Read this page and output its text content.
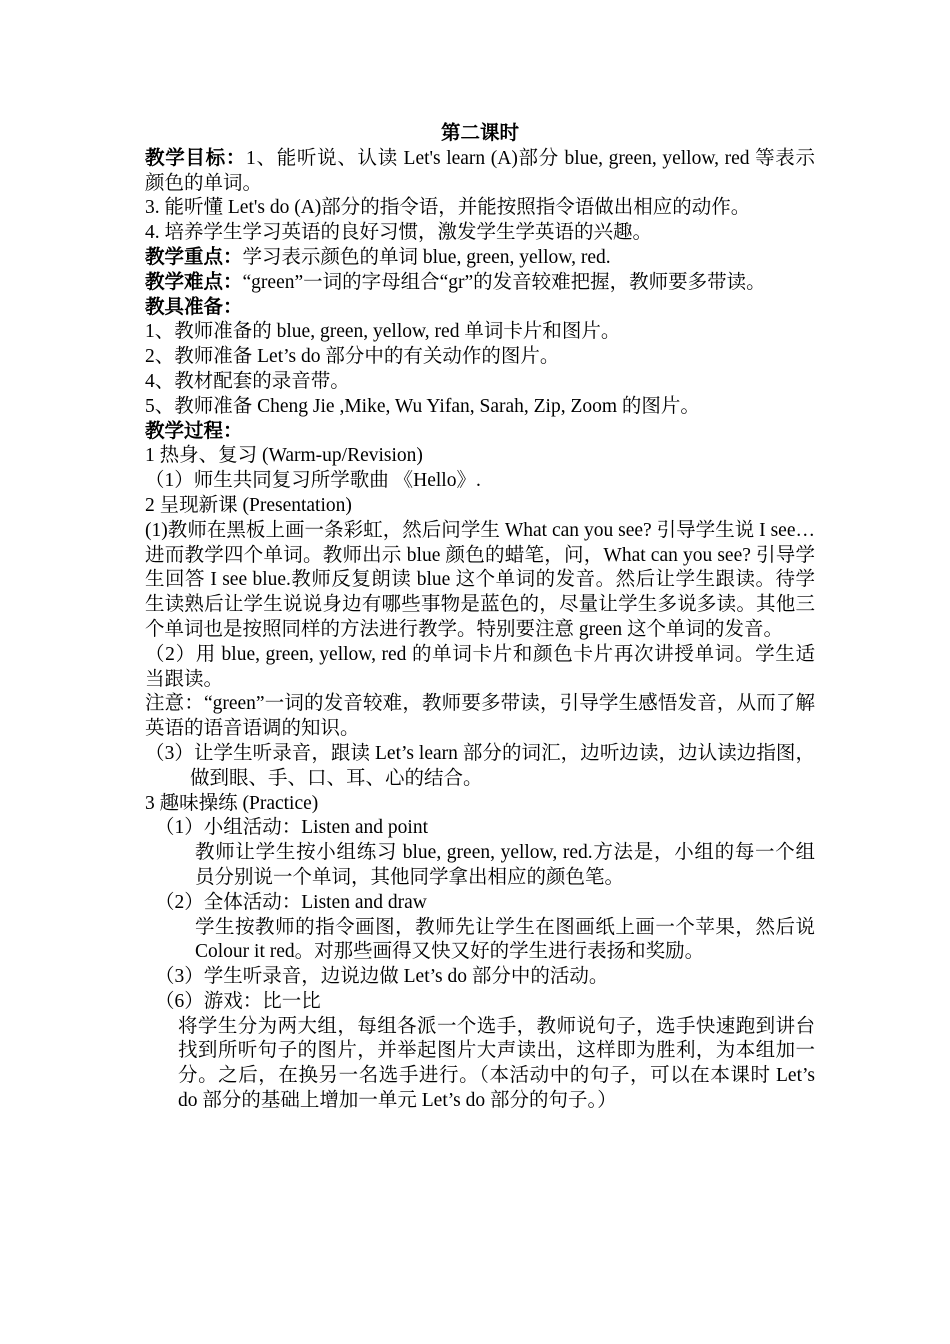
第二课时

教学目标：1、能听说、认读 Let's learn (A)部分 blue, green, yellow, red 等表示颜色的单词。

3. 能听懂 Let's do (A)部分的指令语，并能按照指令语做出相应的动作。

4. 培养学生学习英语的良好习惯，激发学生学英语的兴趣。

教学重点：学习表示颜色的单词 blue, green, yellow, red.

教学难点：“green”一词的字母组合“gr”的发音较难把握，教师要多带读。

教具准备：

1、教师准备的 blue, green, yellow, red 单词卡片和图片。

2、教师准备 Let’s do 部分中的有关动作的图片。

4、教材配套的录音带。

5、教师准备 Cheng Jie ,Mike, Wu Yifan, Sarah, Zip, Zoom 的图片。

教学过程：

1 热身、复习 (Warm-up/Revision)

（1）师生共同复习所学歌曲 《Hello》.

2 呈现新课 (Presentation)

(1)教师在黑板上画一条彩虹，然后问学生 What can you see? 引导学生说 I see…进而教学四个单词。教师出示 blue 颜色的蜡笔，问，What can you see? 引导学生回答 I see blue.教师反复朗读 blue 这个单词的发音。然后让学生跟读。待学生读熟后让学生说说身边有哪些事物是蓝色的，尽量让学生多说多读。其他三个单词也是按照同样的方法进行教学。特别要注意 green 这个单词的发音。

（2）用 blue, green, yellow, red 的单词卡片和颜色卡片再次讲授单词。学生适当跟读。

注意：“green”一词的发音较难，教师要多带读，引导学生感悟发音，从而了解英语的语音语调的知识。

（3）让学生听录音，跟读 Let’s learn 部分的词汇，边听边读，边认读边指图，做到眼、手、口、耳、心的结合。

3 趣味操练 (Practice)

（1）小组活动：Listen and point

教师让学生按小组练习 blue, green, yellow, red.方法是，小组的每一个组员分别说一个单词，其他同学拿出相应的颜色笔。

（2）全体活动：Listen and draw

学生按教师的指令画图，教师先让学生在图画纸上画一个苹果，然后说 Colour it red。对那些画得又快又好的学生进行表扬和奖励。

（3）学生听录音，边说边做 Let’s do 部分中的活动。

（6）游戏：比一比

将学生分为两大组，每组各派一个选手，教师说句子，选手快速跑到讲台找到所听句子的图片，并举起图片大声读出，这样即为胜利，为本组加一分。之后，在换另一名选手进行。（本活动中的句子，可以在本课时 Let’s do 部分的基础上增加一单元 Let’s do 部分的句子。）
